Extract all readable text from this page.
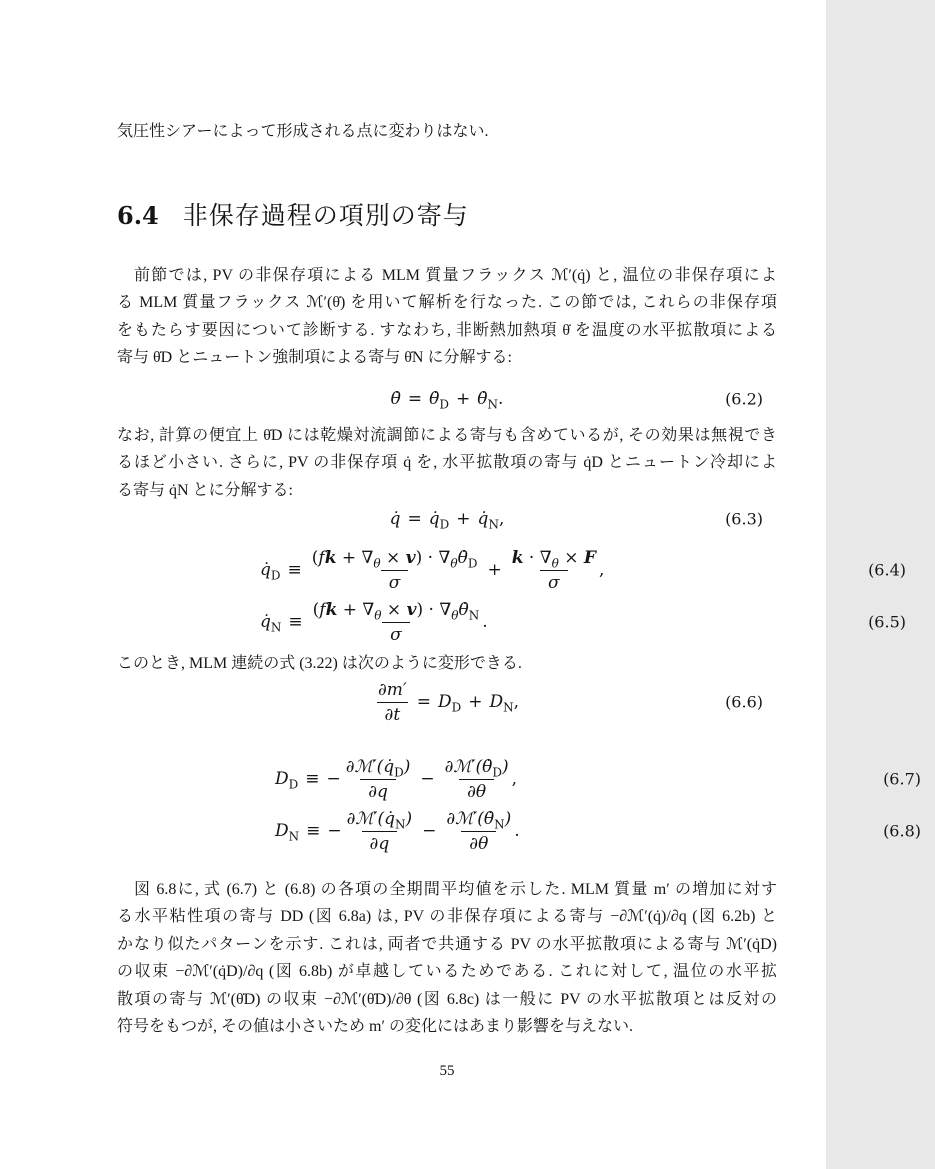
気圧性シアーによって形成される点に変わりはない.
6.4 非保存過程の項別の寄与
前節では, PV の非保存項による MLM 質量フラックス ℳ′(q̇) と, 温位の非保存項によ
る MLM 質量フラックス ℳ′(θ̇) を用いて解析を行なった. この節では, これらの非保存項
をもたらす要因について診断する. すなわち, 非断熱加熱項 θ̇ を温度の水平拡散項による
寄与 θ̇D とニュートン強制項による寄与 θ̇N に分解する:
θ̇ = $\thetȧ_D$ + $\thetȧ_N$.	(6.2)
なお, 計算の便宜上 θ̇D には乾燥対流調節による寄与も含めているが, その効果は無視でき
るほど小さい. さらに, PV の非保存項 q̇ を, 水平拡散項の寄与 q̇D とニュートン冷却によ
る寄与 q̇N とに分解する:
q̇ = $q̇_D$ + $q̇_N$,	(6.3)
$q̇_D \equiv \frac{(fk + \nabla_\theta \times v) \cdot \nabla_\theta\thetȧ_D}{\sigma} + \frac{k \cdot \nabla_\theta \times F}{\sigma}$ ,	(6.4)
$q̇_N \equiv \frac{(fk + \nabla_\theta \times v) \cdot \nabla_\theta\thetȧ_N}{\sigma}$ .	(6.5)
このとき, MLM 連続の式 (3.22) は次のように変形できる.
$\frac{\partial m'}{\partial t} = D_D + D_N$,	(6.6)
$D_D$ ≡ − $\frac{\partial ℳ'(q̇_D)}{\partial q} - \frac{\partial ℳ'(\thetȧ_D)}{\partial\theta}$ ,	(6.7)
$D_N$ ≡ − $\frac{\partial ℳ'(q̇_N)}{\partial q} - \frac{\partial ℳ'(\thetȧ_N)}{\partial\theta}$ .	(6.8)
図 6.8に, 式 (6.7) と (6.8) の各項の全期間平均値を示した. MLM 質量 m′ の増加に対す
る水平粘性項の寄与 DD (図 6.8a) は, PV の非保存項による寄与 −∂ℳ′(q̇)/∂q (図 6.2b) と
かなり似たパターンを示す. これは, 両者で共通する PV の水平拡散項による寄与 ℳ′(q̇D)
の収束 −∂ℳ′(q̇D)/∂q (図 6.8b) が卓越しているためである. これに対して, 温位の水平拡
散項の寄与 ℳ′(θ̇D) の収束 −∂ℳ′(θ̇D)/∂θ (図 6.8c) は一般に PV の水平拡散項とは反対の
符号をもつが, その値は小さいため m′ の変化にはあまり影響を与えない.
55
